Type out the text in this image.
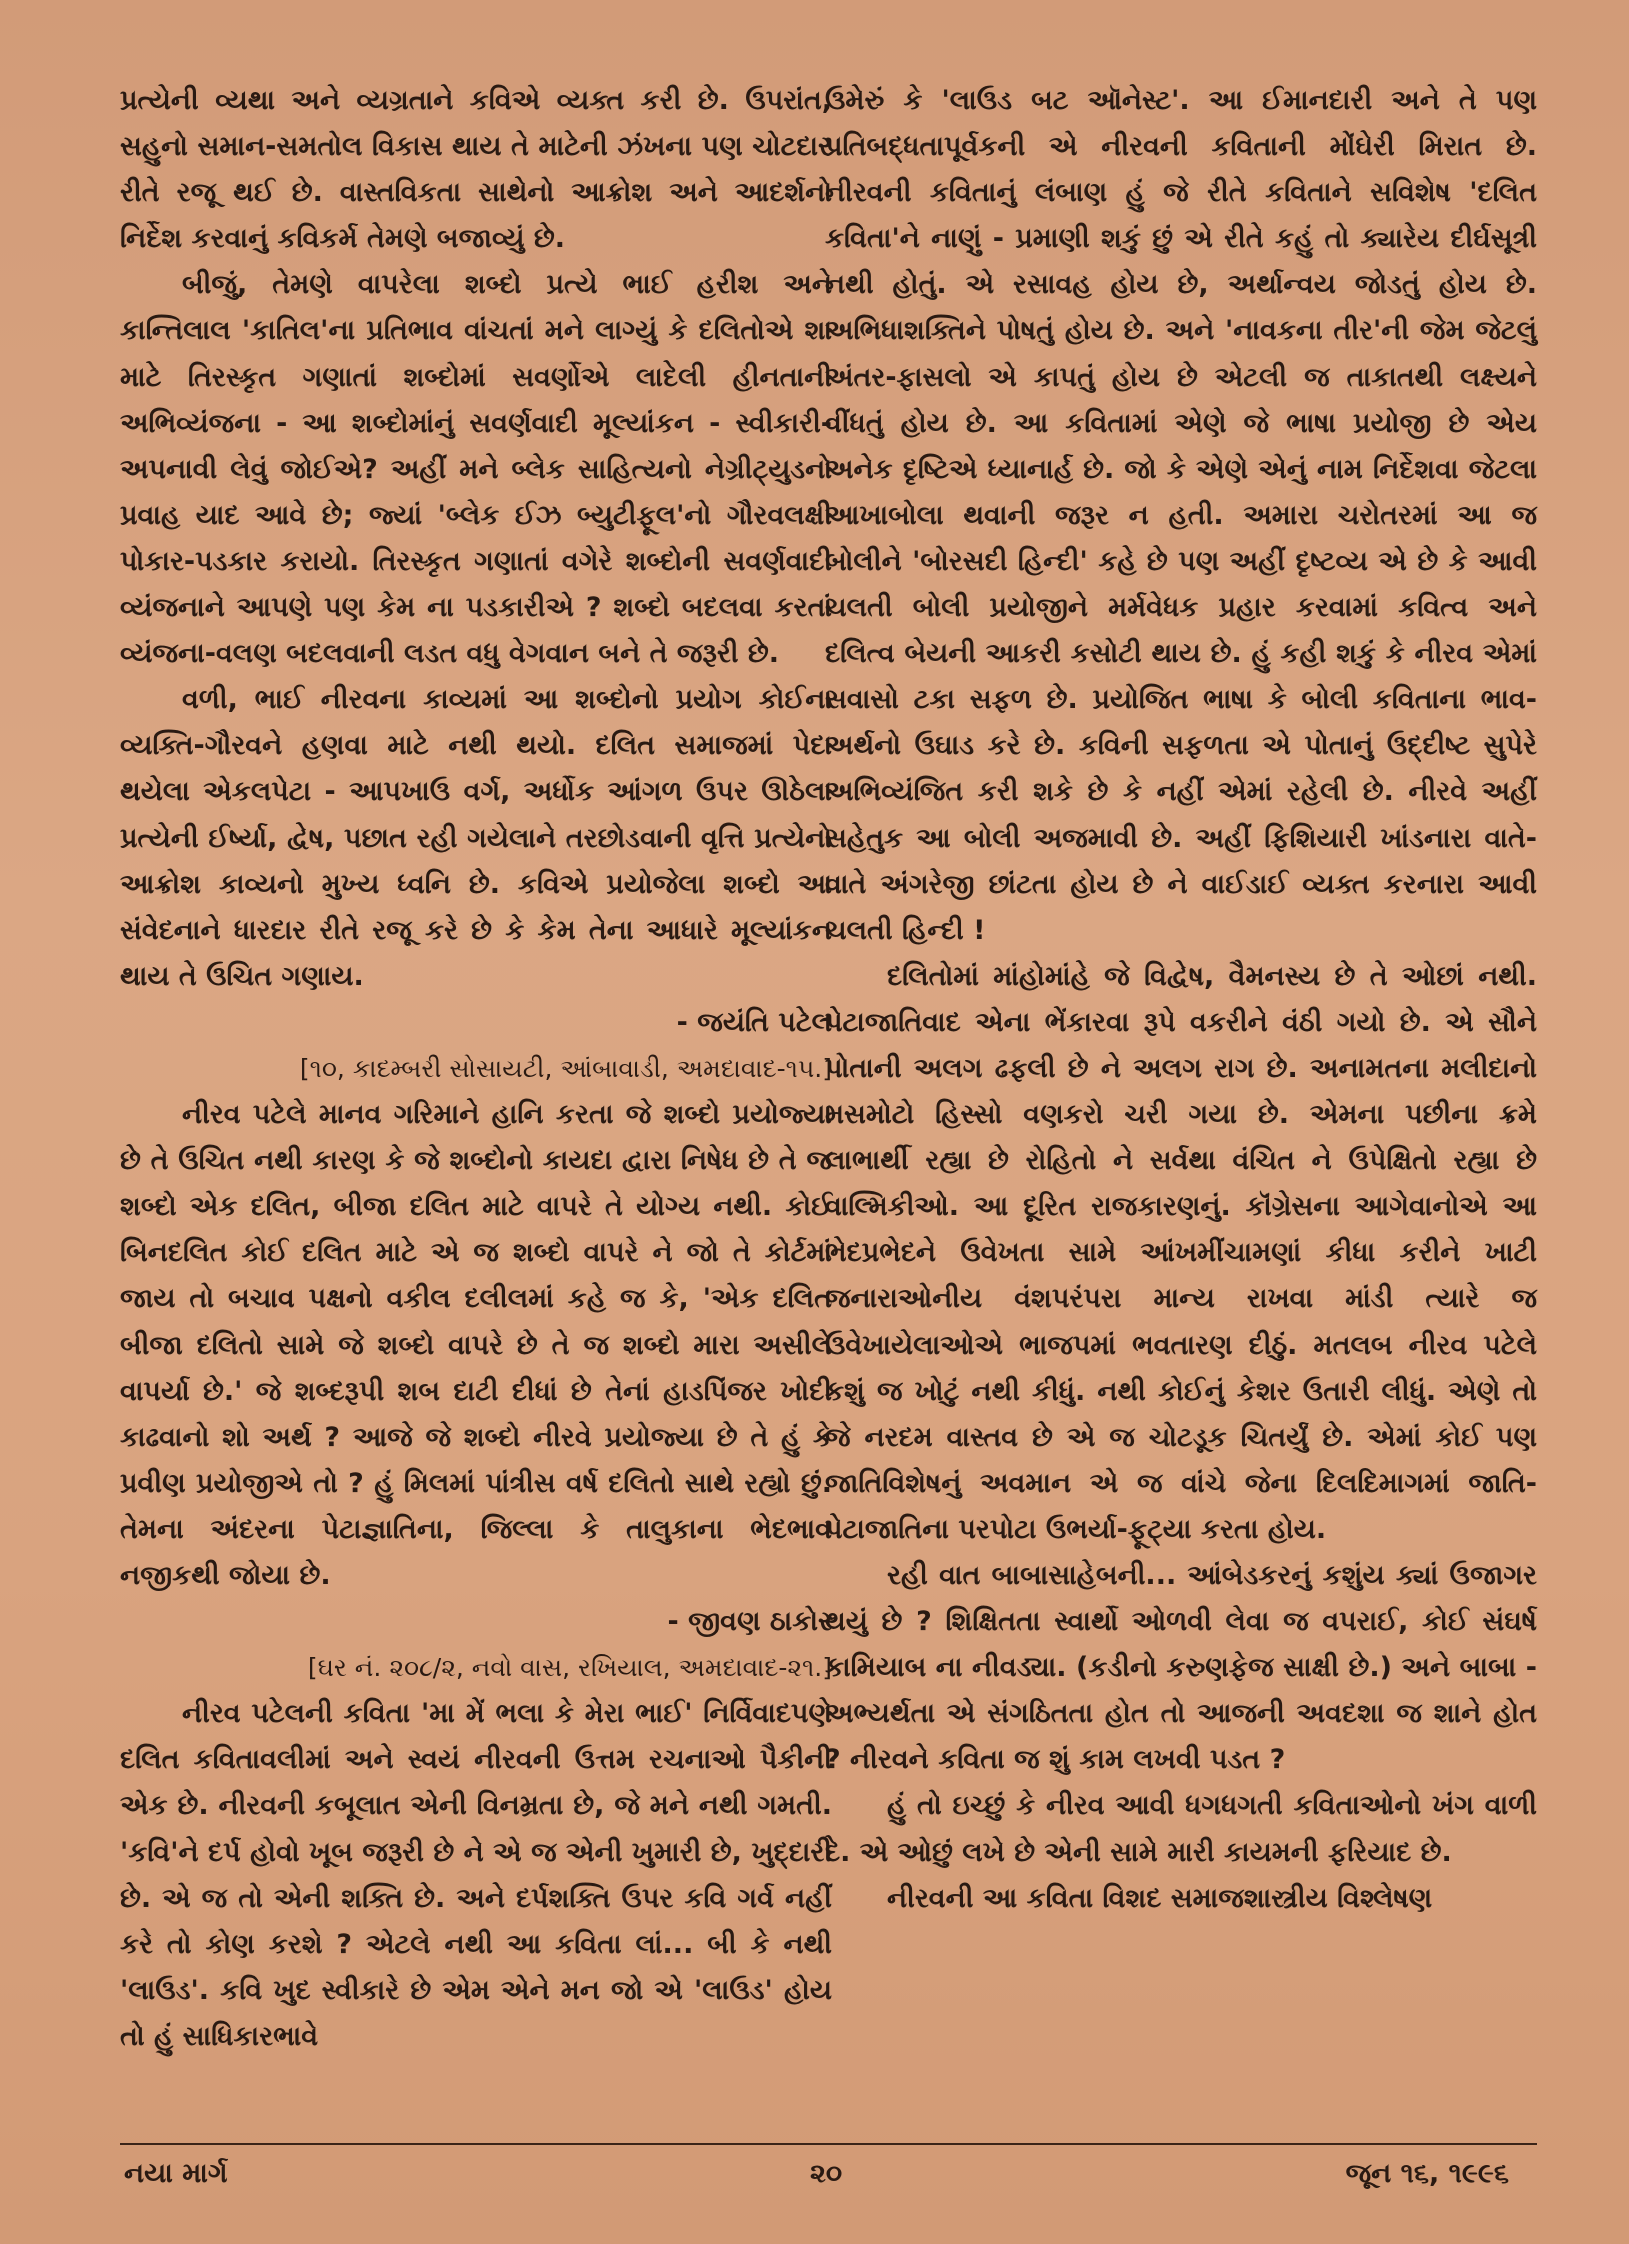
પ્રત્યેની વ્યથા અને વ્યગ્રતાને કવિએ વ્યક્ત કરી છે. ઉપરાંત, સહુનો સમાન-સમતોલ વિકાસ થાય તે માટેની ઝંખના પણ ચોટદાર રીતે રજૂ થઈ છે. વાસ્તવિકતા સાથેનો આક્રોશ અને આદર્શનો નિર્દેશ કરવાનું કવિકર્મ તેમણે બજાવ્યું છે.

બીજું, તેમણે વાપરેલા શબ્દો પ્રત્યે ભાઈ હરીશ અને કાન્તિલાલ 'કાતિલ'ના પ્રતિભાવ વાંચતાં મને લાગ્યું કે દલિતોએ શા માટે તિરસ્કૃત ગણાતાં શબ્દોમાં સવર્ણોએ લાદેલી હીનતાની અભિવ્યંજના - આ શબ્દોમાંનું સવર્ણવાદી મૂલ્યાંકન - સ્વીકારી-અપનાવી લેવું જોઈએ? અહીં મને બ્લેક સાહિત્યનો નેગ્રીટ્યુડનો પ્રવાહ યાદ આવે છે; જ્યાં 'બ્લેક ઈઝ બ્યુટીફૂલ'નો ગૌરવલક્ષી પોકાર-પડકાર કરાયો. તિરસ્કૃત ગણાતાં વગેરે શબ્દોની સવર્ણવાદી વ્યંજનાને આપણે પણ કેમ ના પડકારીએ ? શબ્દો બદલવા કરતાં વ્યંજના-વલણ બદલવાની લડત વધુ વેગવાન બને તે જરૂરી છે.

વળી, ભાઈ નીરવના કાવ્યમાં આ શબ્દોનો પ્રયોગ કોઈના વ્યક્તિ-ગૌરવને હણવા માટે નથી થયો. દલિત સમાજમાં પેદા થયેલા એકલપેટા - આપખાઉ વર્ગ, અર્ધોક આંગળ ઉપર ઊઠેલા પ્રત્યેની ઈર્ષ્યા, દ્વેષ, પછાત રહી ગયેલાને તરછોડવાની વૃત્તિ પ્રત્યેનો આક્રોશ કાવ્યનો મુખ્ય ધ્વનિ છે. કવિએ પ્રયોજેલા શબ્દો આ સંવેદનાને ધારદાર રીતે રજૂ કરે છે કે કેમ તેના આધારે મૂલ્યાંકન થાય તે ઉચિત ગણાય.

- જયંતિ પટેલ

[૧૦, કાદમ્બરી સોસાયટી, આંબાવાડી, અમદાવાદ-૧૫.]

નીરવ પટેલે માનવ ગરિમાને હાનિ કરતા જે શબ્દો પ્રયોજ્યા છે તે ઉચિત નથી કારણ કે જે શબ્દોનો કાયદા દ્વારા નિષેધ છે તે જ શબ્દો એક દલિત, બીજા દલિત માટે વાપરે તે યોગ્ય નથી. કોઈ બિનદલિત કોઈ દલિત માટે એ જ શબ્દો વાપરે ને જો તે કોર્ટમાં જાય તો બચાવ પક્ષનો વકીલ દલીલમાં કહે જ કે, 'એક દલિત બીજા દલિતો સામે જે શબ્દો વાપરે છે તે જ શબ્દો મારા અસીલે વાપર્યા છે.' જે શબ્દરૂપી શબ દાટી દીધાં છે તેનાં હાડપિંજર ખોદી કાઢવાનો શો અર્થ ? આજે જે શબ્દો નીરવે પ્રયોજ્યા છે તે હું કે પ્રવીણ પ્રયોજીએ તો ? હું મિલમાં પાંત્રીસ વર્ષ દલિતો સાથે રહ્યો છું. તેમના અંદરના પેટાજ્ઞાતિના, જિલ્લા કે તાલુકાના ભેદભાવ નજીકથી જોયા છે.

- જીવણ ઠાકોર

[ઘર નં. ૨૦૮/૨, નવો વાસ, રખિયાલ, અમદાવાદ-૨૧.]

નીરવ પટેલની કવિતા 'મા મેં ભલા કે મેરા ભાઈ' નિર્વિવાદપણે દલિત કવિતાવલીમાં અને સ્વયં નીરવની ઉત્તમ રચનાઓ પૈકીની એક છે. નીરવની કબૂલાત એની વિનમ્રતા છે, જે મને નથી ગમતી. 'કવિ'ને દર્પ હોવો ખૂબ જરૂરી છે ને એ જ એની ખુમારી છે, ખુદ્દારી છે. એ જ તો એની શક્તિ છે. અને દર્પશક્તિ ઉપર કવિ ગર્વ નહીં કરે તો કોણ કરશે ? એટલે નથી આ કવિતા લાં... બી કે નથી 'લાઉડ'. કવિ ખુદ સ્વીકારે છે એમ એને મન જો એ 'લાઉડ' હોય તો હું સાધિકારભાવે

ઉમેરું કે 'લાઉડ બટ ઑનેસ્ટ'. આ ઈમાનદારી અને તે પણ પ્રતિબદ્ધતાપૂર્વકની એ નીરવની કવિતાની મોંઘેરી મિરાત છે. નીરવની કવિતાનું લંબાણ હું જે રીતે કવિતાને સવિશેષ 'દલિત કવિતા'ને નાણું - પ્રમાણી શકું છું એ રીતે કહું તો ક્યારેય દીર્ઘસૂત્રી નથી હોતું. એ રસાવહ હોય છે, અર્થાન્વય જોડતું હોય છે. અભિધાશક્તિને પોષતું હોય છે. અને 'નાવકના તીર'ની જેમ જેટલું અંતર-ફાસલો એ કાપતું હોય છે એટલી જ તાકાતથી લક્ષ્યને વીંધતું હોય છે. આ કવિતામાં એણે જે ભાષા પ્રયોજી છે એય અનેક દૃષ્ટિએ ધ્યાનાર્હ છે. જો કે એણે એનું નામ નિર્દેશવા જેટલા આખાબોલા થવાની જરૂર ન હતી. અમારા ચરોતરમાં આ જ બોલીને 'બોરસદી હિન્દી' કહે છે પણ અહીં દૃષ્ટવ્ય એ છે કે આવી ચલતી બોલી પ્રયોજીને મર્મવેધક પ્રહાર કરવામાં કવિત્વ અને દલિત્વ બેયની આકરી કસોટી થાય છે. હું કહી શકું કે નીરવ એમાં સવાસો ટકા સફળ છે. પ્રયોજિત ભાષા કે બોલી કવિતાના ભાવ-અર્થનો ઉઘાડ કરે છે. કવિની સફળતા એ પોતાનું ઉદ્દીષ્ટ સુપેરે અભિવ્યંજિત કરી શકે છે કે નહીં એમાં રહેલી છે. નીરવે અહીં સહેતુક આ બોલી અજમાવી છે. અહીં ફિશિયારી ખાંડનારા વાતે-વાતે અંગરેજી છાંટતા હોય છે ને વાઈડાઈ વ્યક્ત કરનારા આવી ચલતી હિન્દી !

દલિતોમાં માંહોમાંહે જે વિદ્વેષ, વૈમનસ્ય છે તે ઓછાં નથી. પેટાજાતિવાદ એના ભેંકારવા રૂપે વકરીને વંઠી ગયો છે. એ સૌને પોતાની અલગ ઢફલી છે ને અલગ રાગ છે. અનામતના મલીદાનો મસમોટો હિસ્સો વણકરો ચરી ગયા છે. એમના પછીના ક્રમે લાભાર્થી રહ્યા છે રોહિતો ને સર્વથા વંચિત ને ઉપેક્ષિતો રહ્યા છે વાલ્મિકીઓ. આ દૂરિત રાજકારણનું. કૉંગ્રેસના આગેવાનોએ આ ભેદપ્રભેદને ઉવેખતા સામે આંખમીંચામણાં કીધા કરીને ખાટી જનારાઓનીય વંશપરંપરા માન્ય રાખવા માંડી ત્યારે જ ઉવેખાયેલાઓએ ભાજપમાં ભવતારણ દીઠું. મતલબ નીરવ પટેલે કશું જ ખોટું નથી કીધું. નથી કોઈનું કેશર ઉતારી લીધું. એણે તો જે નરદમ વાસ્તવ છે એ જ ચોટડૂક ચિતર્યું છે. એમાં કોઈ પણ જાતિવિશેષનું અવમાન એ જ વાંચે જેના દિલદિમાગમાં જાતિ-પેટાજાતિના પરપોટા ઉભર્યા-ફૂટ્યા કરતા હોય.

રહી વાત બાબાસાહેબની... આંબેડકરનું કશુંય ક્યાં ઉજાગર થયું છે ? શિક્ષિતતા સ્વાર્થો ઓળવી લેવા જ વપરાઈ, કોઈ સંઘર્ષ કામિયાબ ના નીવડ્યા. (કડીનો કરુણફેજ સાક્ષી છે.) અને બાબા - અભ્યર્થતા એ સંગઠિતતા હોત તો આજની અવદશા જ શાને હોત ? નીરવને કવિતા જ શું કામ લખવી પડત ?

હું તો ઇચ્છું કે નીરવ આવી ધગધગતી કવિતાઓનો ખંગ વાળી દે. એ ઓછું લખે છે એની સામે મારી કાયમની ફરિયાદ છે.

નીરવની આ કવિતા વિશદ સમાજશાસ્ત્રીય વિશ્લેષણ

નયા માર્ગ	૨૦	જૂન ૧૬, ૧૯૯૬
